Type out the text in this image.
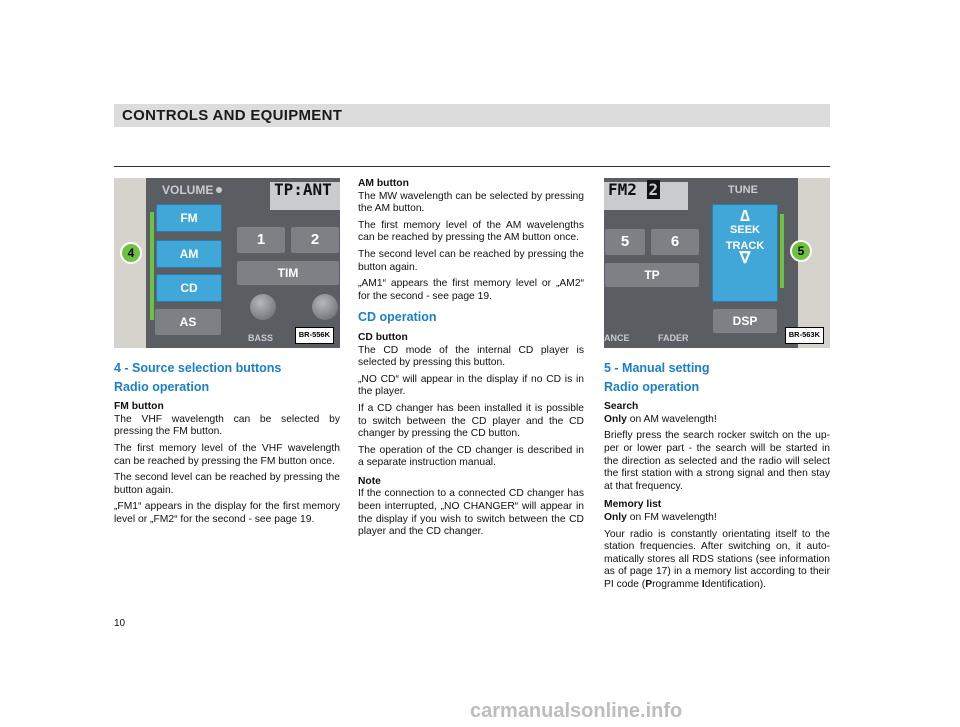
CONTROLS AND EQUIPMENT
VOLUME	TP:ANT
FM
AM
CD
AS
4
1	2
TIM
BASS	BR-556K

4 - Source selection buttons

Radio operation

FM button

The VHF wavelength can be selected by pressing the FM button.

The first memory level of the VHF wavelength can be reached by pressing the FM button once.

The second level can be reached by pressing the button again.

„FM1“ appears in the display for the first memory level or „FM2“ for the second - see page 19.

AM button

The MW wavelength can be selected by pressing the AM button.

The first memory level of the AM wavelengths can be reached by pressing the AM button once.

The second level can be reached by pressing the button again.

„AM1“ appears the first memory level or „AM2“ for the second - see page 19.

CD operation

CD button

The CD mode of the internal CD player is selected by pressing this button.

„NO CD“ will appear in the display if no CD is in the player.

If a CD changer has been installed it is possible to switch between the CD player and the CD changer by pressing the CD button.

The operation of the CD changer is described in a separate instruction manual.

Note

If the connection to a connected CD changer has been interrupted, „NO CHANGER“ will appear in the display if you wish to switch between the CD player and the CD changer.

FM2 2	TUNE
5	6
TP
∆
SEEK
TRACK
∇	5
DSP
ANCE	FADER	BR-563K

5 - Manual setting

Radio operation

Search

Only on AM wavelength!

Briefly press the search rocker switch on the up- per or lower part - the search will be started in the direction as selected and the radio will select the first station with a strong signal and then stay at that frequency.

Memory list

Only on FM wavelength!

Your radio is constantly orientating itself to the station frequencies. After switching on, it auto- matically stores all RDS stations (see information as of page 17) in a memory list according to their PI code (Programme Identification).

10
carmanualsonline.info
